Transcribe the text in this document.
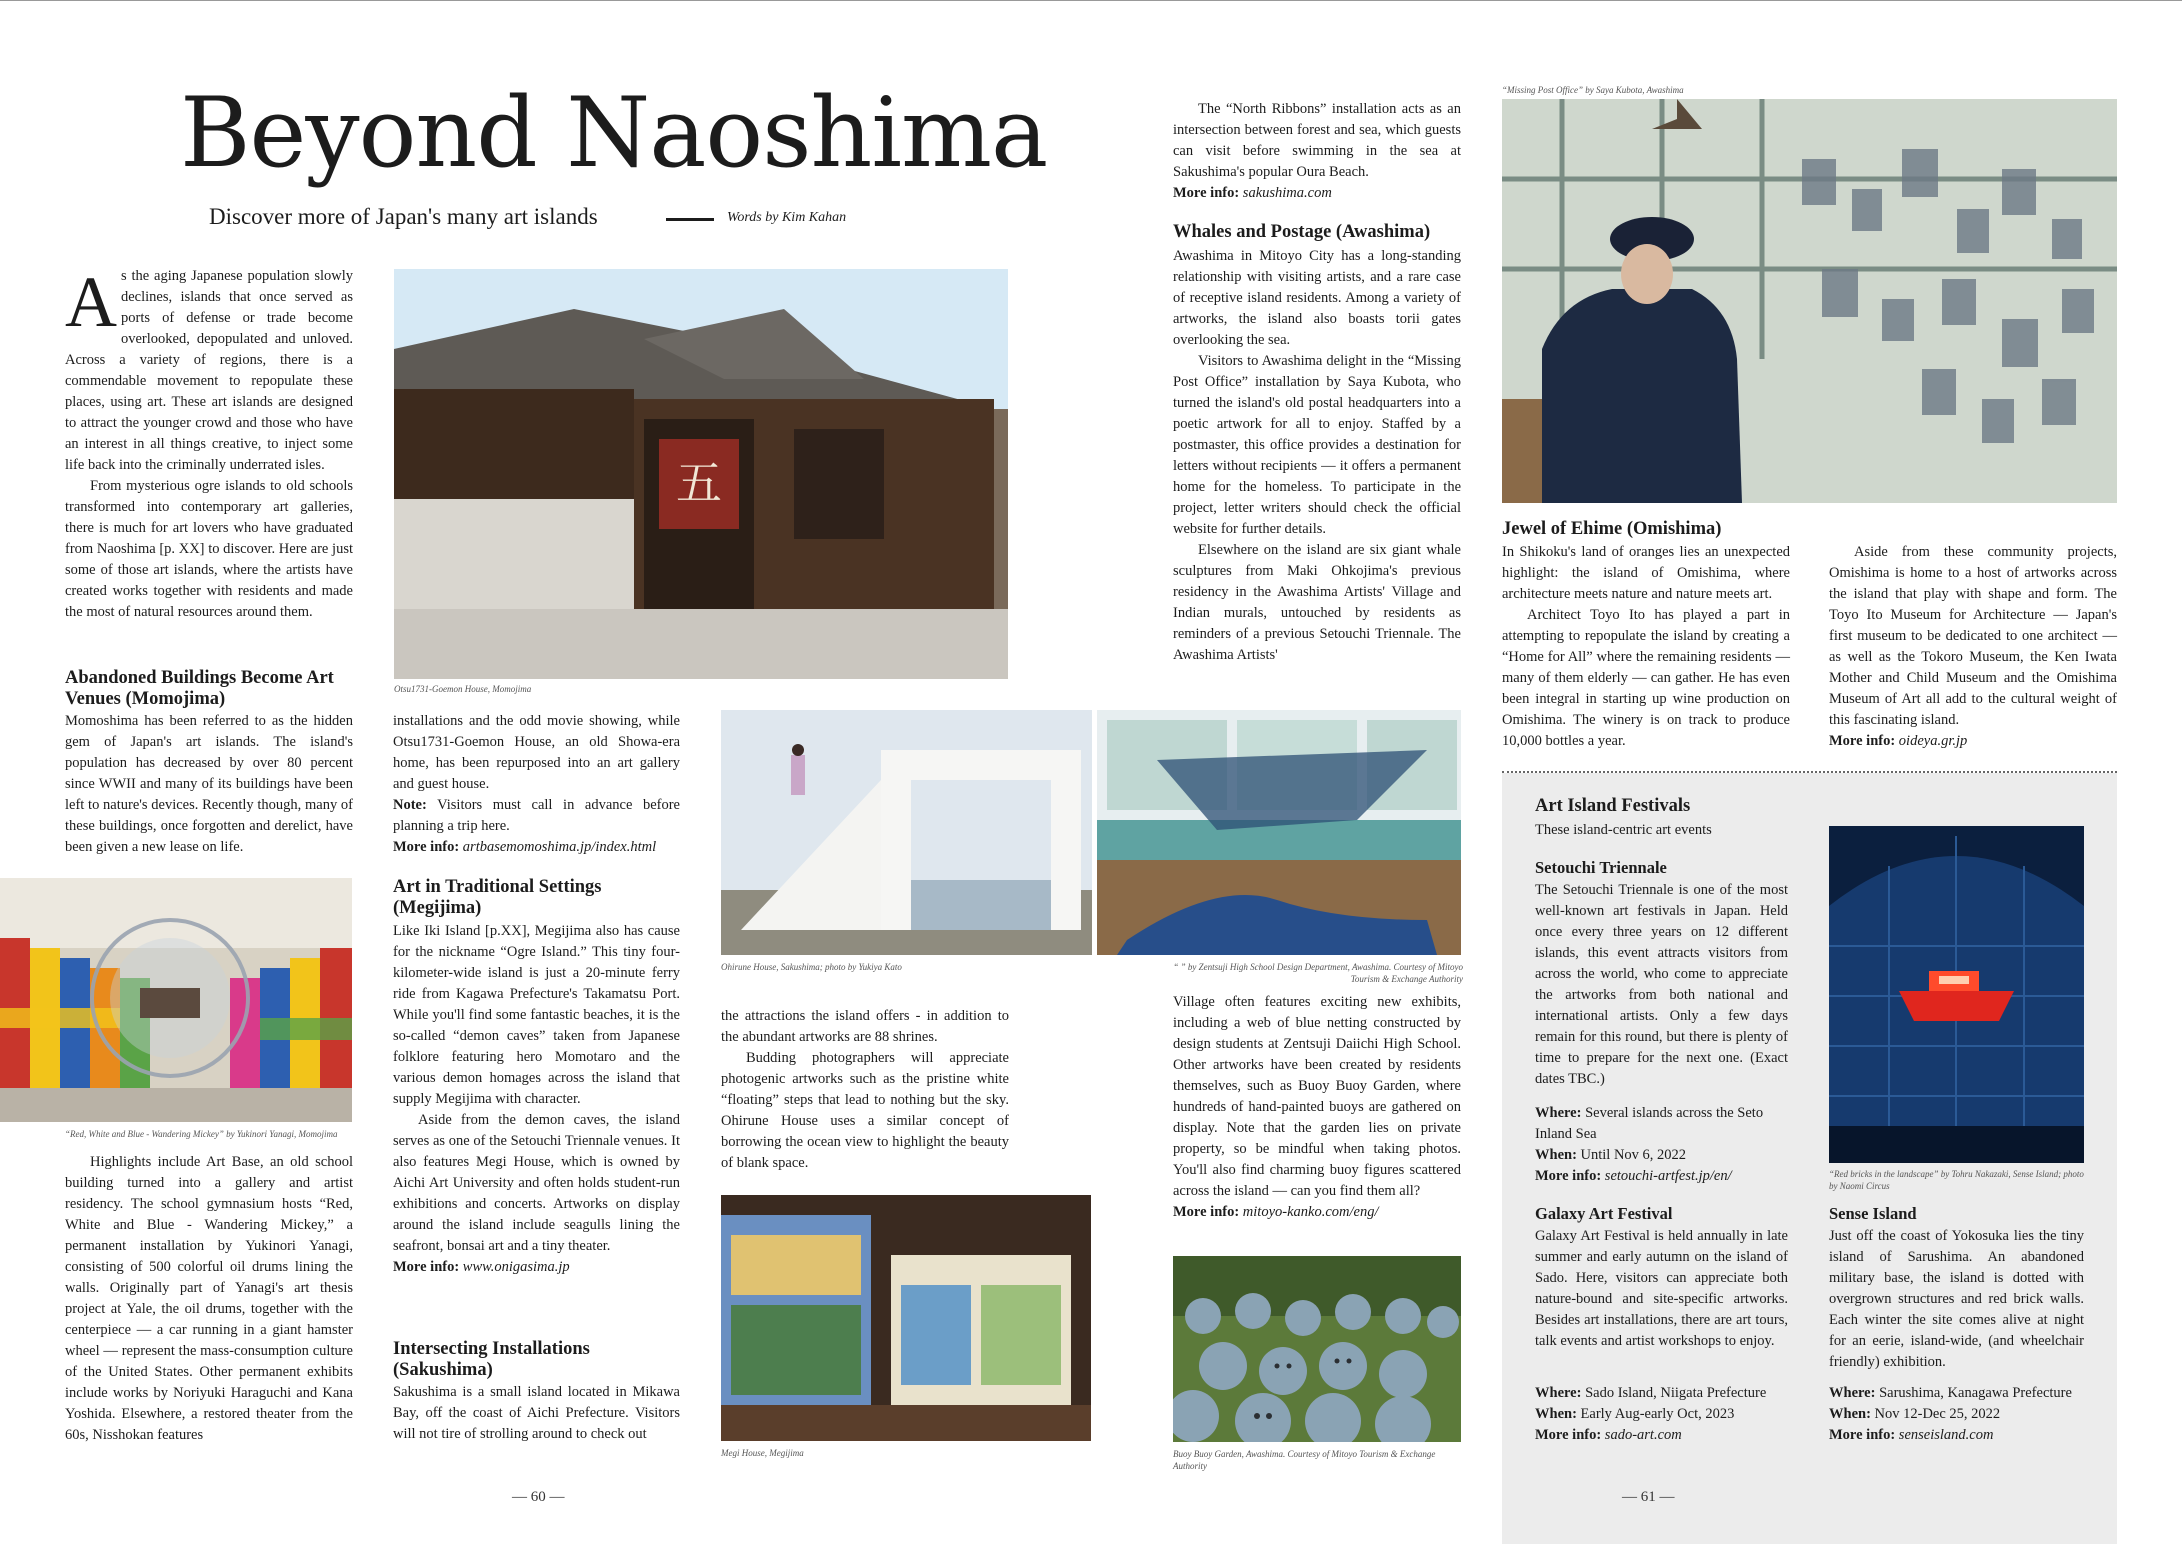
Beyond Naoshima
Discover more of Japan's many art islands	Words by Kim Kahan

As the aging Japanese population slowly declines, islands that once served as ports of defense or trade become overlooked, depopulated and unloved. Across a variety of regions, there is a commendable movement to repopulate these places, using art. These art islands are designed to attract the younger crowd and those who have an interest in all things creative, to inject some life back into the criminally underrated isles.

From mysterious ogre islands to old schools transformed into contemporary art galleries, there is much for art lovers who have graduated from Naoshima [p. XX] to discover. Here are just some of those art islands, where the artists have created works together with residents and made the most of natural resources around them.

Abandoned Buildings Become Art Venues (Momojima)

Momoshima has been referred to as the hidden gem of Japan's art islands. The island's population has decreased by over 80 percent since WWII and many of its buildings have been left to nature's devices. Recently though, many of these buildings, once forgotten and derelict, have been given a new lease on life.

“Red, White and Blue - Wandering Mickey” by Yukinori Yanagi, Momojima

Highlights include Art Base, an old school building turned into a gallery and artist residency. The school gymnasium hosts “Red, White and Blue - Wandering Mickey,” a permanent installation by Yukinori Yanagi, consisting of 500 colorful oil drums lining the walls. Originally part of Yanagi's art thesis project at Yale, the oil drums, together with the centerpiece — a car running in a giant hamster wheel — represent the mass-consumption culture of the United States. Other permanent exhibits include works by Noriyuki Haraguchi and Kana Yoshida. Elsewhere, a restored theater from the 60s, Nisshokan features

五
Otsu1731-Goemon House, Momojima

installations and the odd movie showing, while Otsu1731-Goemon House, an old Showa-era home, has been repurposed into an art gallery and guest house.

Note: Visitors must call in advance before planning a trip here.

More info: artbasemomoshima.jp/index.html

Art in Traditional Settings (Megijima)

Like Iki Island [p.XX], Megijima also has cause for the nickname “Ogre Island.” This tiny four-kilometer-wide island is just a 20-minute ferry ride from Kagawa Prefecture's Takamatsu Port. While you'll find some fantastic beaches, it is the so-called “demon caves” taken from Japanese folklore featuring hero Momotaro and the various demon homages across the island that supply Megijima with character.

Aside from the demon caves, the island serves as one of the Setouchi Triennale venues. It also features Megi House, which is owned by Aichi Art University and often holds student-run exhibitions and concerts. Artworks on display around the island include seagulls lining the seafront, bonsai art and a tiny theater.

More info: www.onigasima.jp

Intersecting Installations (Sakushima)

Sakushima is a small island located in Mikawa Bay, off the coast of Aichi Prefecture. Visitors will not tire of strolling around to check out

Ohirune House, Sakushima; photo by Yukiya Kato	“ ” by Zentsuji High School Design Department, Awashima. Courtesy of Mitoyo Tourism & Exchange Authority

the attractions the island offers - in addition to the abundant artworks are 88 shrines.

Budding photographers will appreciate photogenic artworks such as the pristine white “floating” steps that lead to nothing but the sky. Ohirune House uses a similar concept of borrowing the ocean view to highlight the beauty of blank space.

Megi House, Megijima

The “North Ribbons” installation acts as an intersection between forest and sea, which guests can visit before swimming in the sea at Sakushima's popular Oura Beach.

More info: sakushima.com

Whales and Postage (Awashima)

Awashima in Mitoyo City has a long-standing relationship with visiting artists, and a rare case of receptive island residents. Among a variety of artworks, the island also boasts torii gates overlooking the sea.

Visitors to Awashima delight in the “Missing Post Office” installation by Saya Kubota, who turned the island's old postal headquarters into a poetic artwork for all to enjoy. Staffed by a postmaster, this office provides a destination for letters without recipients — it offers a permanent home for the homeless. To participate in the project, letter writers should check the official website for further details.

Elsewhere on the island are six giant whale sculptures from Maki Ohkojima's previous residency in the Awashima Artists' Village and Indian murals, untouched by residents as reminders of a previous Setouchi Triennale. The Awashima Artists'

Village often features exciting new exhibits, including a web of blue netting constructed by design students at Zentsuji Daiichi High School. Other artworks have been created by residents themselves, such as Buoy Buoy Garden, where hundreds of hand-painted buoys are gathered on display. Note that the garden lies on private property, so be mindful when taking photos. You'll also find charming buoy figures scattered across the island — can you find them all?

More info: mitoyo-kanko.com/eng/

Buoy Buoy Garden, Awashima. Courtesy of Mitoyo Tourism & Exchange Authority
“Missing Post Office” by Saya Kubota, Awashima
Jewel of Ehime (Omishima)

In Shikoku's land of oranges lies an unexpected highlight: the island of Omishima, where architecture meets nature and nature meets art.

Architect Toyo Ito has played a part in attempting to repopulate the island by creating a “Home for All” where the remaining residents — many of them elderly — can gather. He has even been integral in starting up wine production on Omishima. The winery is on track to produce 10,000 bottles a year.

Aside from these community projects, Omishima is home to a host of artworks across the island that play with shape and form. The Toyo Ito Museum for Architecture — Japan's first museum to be dedicated to one architect — as well as the Tokoro Museum, the Ken Iwata Mother and Child Museum and the Omishima Museum of Art all add to the cultural weight of this fascinating island.

More info: oideya.gr.jp

Art Island Festivals
These island-centric art events
Setouchi Triennale

The Setouchi Triennale is one of the most well-known art festivals in Japan. Held once every three years on 12 different islands, this event attracts visitors from across the world, who come to appreciate the artworks from both national and international artists. Only a few days remain for this round, but there is plenty of time to prepare for the next one. (Exact dates TBC.)

Where: Several islands across the Seto Inland Sea

When: Until Nov 6, 2022

More info: setouchi-artfest.jp/en/

Galaxy Art Festival

Galaxy Art Festival is held annually in late summer and early autumn on the island of Sado. Here, visitors can appreciate both nature-bound and site-specific artworks. Besides art installations, there are art tours, talk events and artist workshops to enjoy.

Where: Sado Island, Niigata Prefecture

When: Early Aug-early Oct, 2023

More info: sado-art.com

“Red bricks in the landscape” by Tohru Nakazaki, Sense Island; photo by Naomi Circus
Sense Island

Just off the coast of Yokosuka lies the tiny island of Sarushima. An abandoned military base, the island is dotted with overgrown structures and red brick walls. Each winter the site comes alive at night for an eerie, island-wide, (and wheelchair friendly) exhibition.

Where: Sarushima, Kanagawa Prefecture

When: Nov 12-Dec 25, 2022

More info: senseisland.com

— 60 —	— 61 —
